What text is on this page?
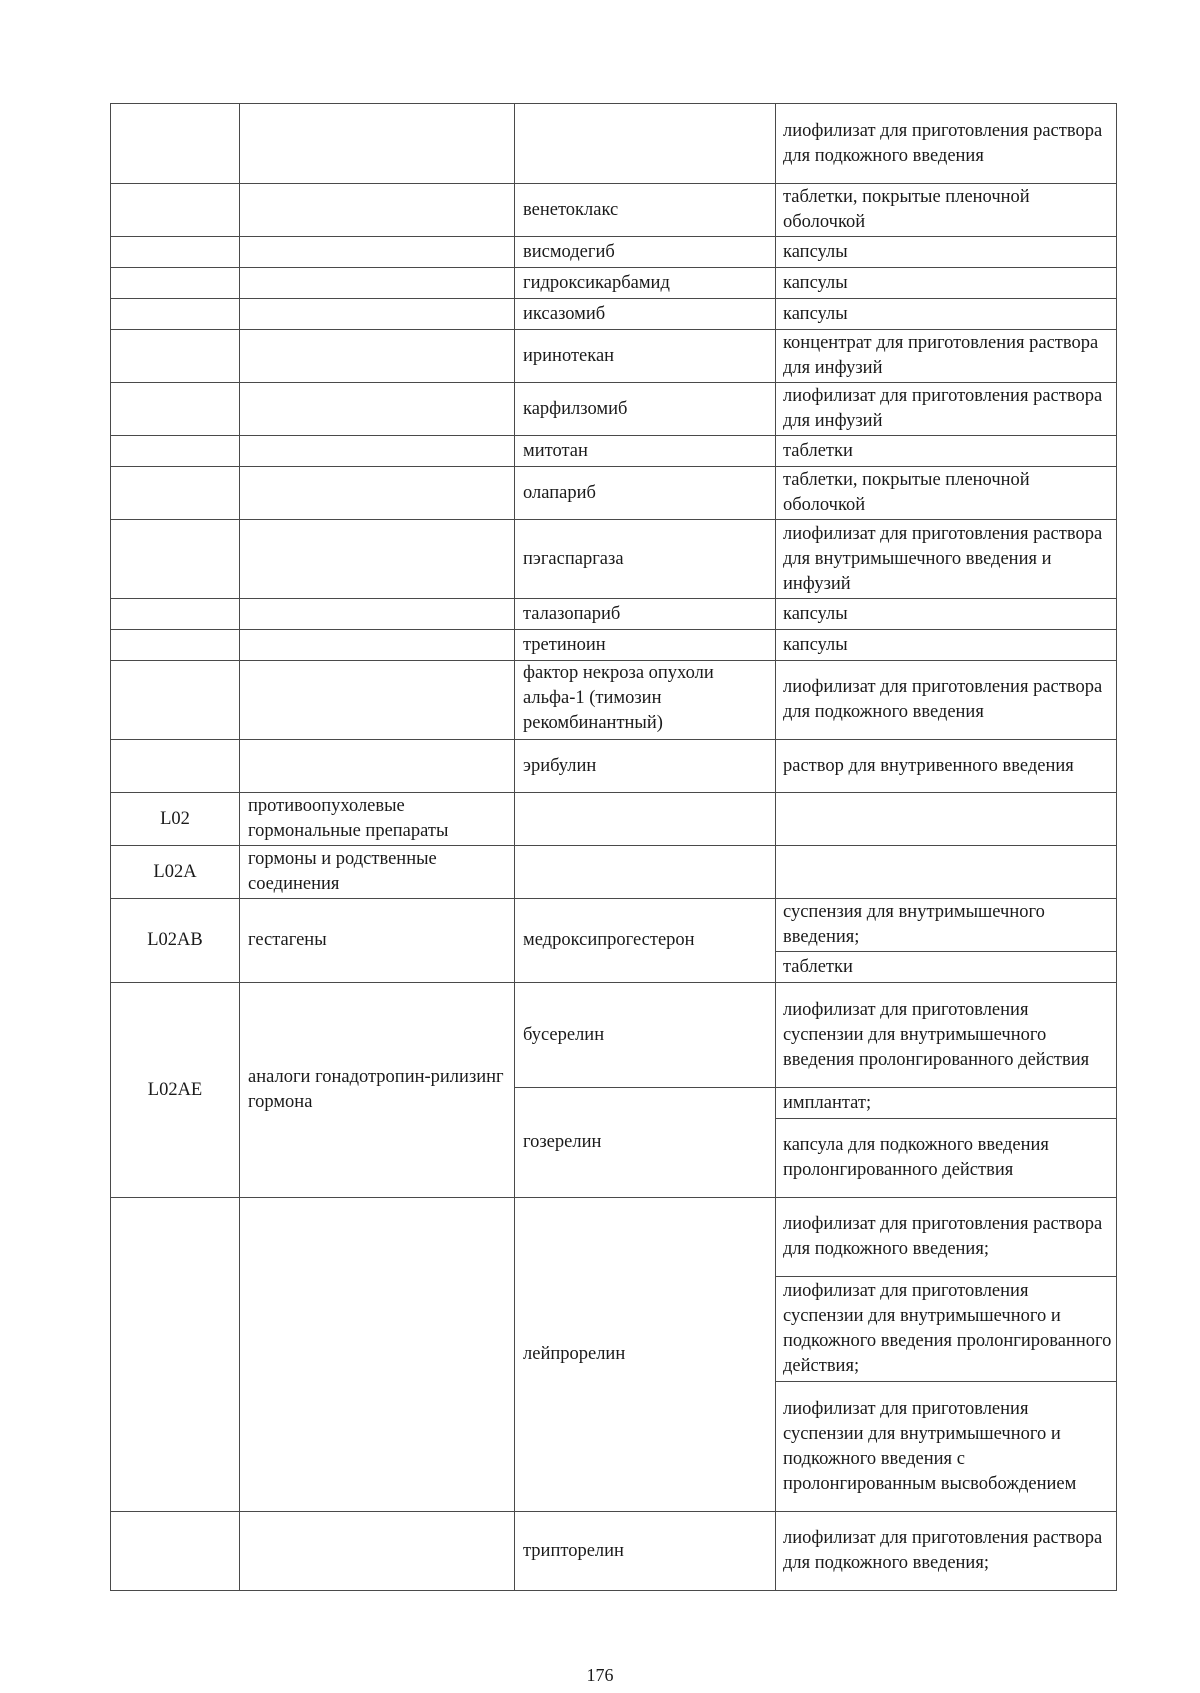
			лиофилизат для приготовления раствора для подкожного введения
		венетоклакс	таблетки, покрытые пленочной оболочкой
		висмодегиб	капсулы
		гидроксикарбамид	капсулы
		иксазомиб	капсулы
		иринотекан	концентрат для приготовления раствора для инфузий
		карфилзомиб	лиофилизат для приготовления раствора для инфузий
		митотан	таблетки
		олапариб	таблетки, покрытые пленочной оболочкой
		пэгаспаргаза	лиофилизат для приготовления раствора для внутримышечного введения и инфузий
		талазопариб	капсулы
		третиноин	капсулы
		фактор некроза опухоли альфа-1 (тимозин рекомбинантный)	лиофилизат для приготовления раствора для подкожного введения
		эрибулин	раствор для внутривенного введения
L02	противоопухолевые гормональные препараты		
L02A	гормоны и родственные соединения		
L02AB	гестагены	медроксипрогестерон	суспензия для внутримышечного введения;
			таблетки
L02AE	аналоги гонадотропин-рилизинг гормона	бусерелин	лиофилизат для приготовления суспензии для внутримышечного введения пролонгированного действия
		гозерелин	имплантат;
			капсула для подкожного введения пролонгированного действия
		лейпрорелин	лиофилизат для приготовления раствора для подкожного введения;
			лиофилизат для приготовления суспензии для внутримышечного и подкожного введения пролонгированного действия;
			лиофилизат для приготовления суспензии для внутримышечного и подкожного введения с пролонгированным высвобождением
		трипторелин	лиофилизат для приготовления раствора для подкожного введения;
176
